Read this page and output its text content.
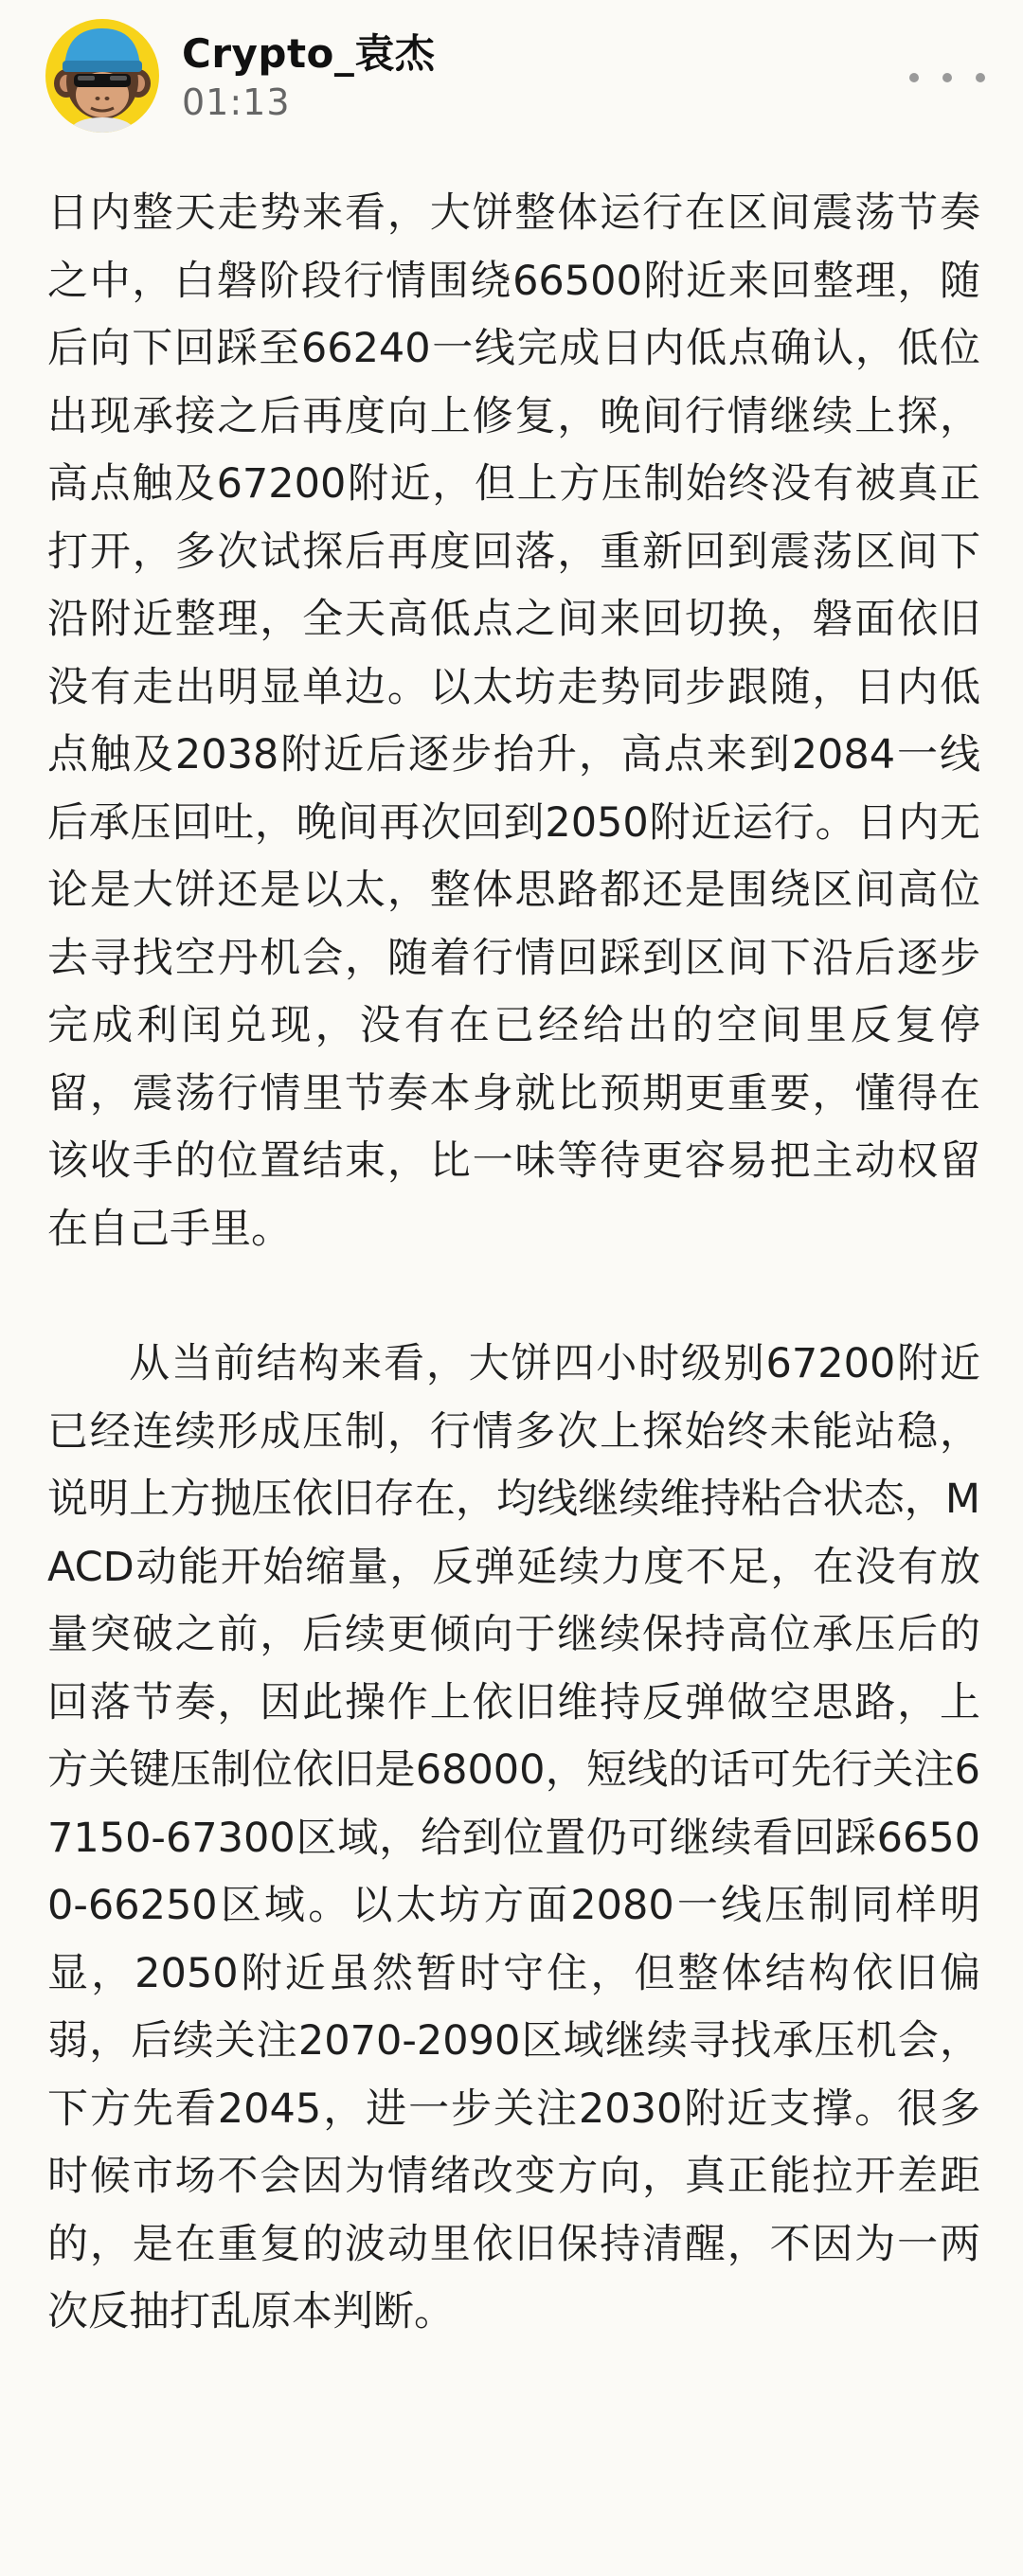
Crypto_袁杰
01:13

日内整天走势来看，大饼整体运行在区间震荡节奏之中，白磐阶段行情围绕66500附近来回整理，随后向下回踩至66240一线完成日内低点确认，低位出现承接之后再度向上修复，晚间行情继续上探，高点触及67200附近，但上方压制始终没有被真正打开，多次试探后再度回落，重新回到震荡区间下沿附近整理，全天高低点之间来回切换，磐面依旧没有走出明显单边。以太坊走势同步跟随，日内低点触及2038附近后逐步抬升，高点来到2084一线后承压回吐，晚间再次回到2050附近运行。日内无论是大饼还是以太，整体思路都还是围绕区间高位去寻找空丹机会，随着行情回踩到区间下沿后逐步完成利闰兑现，没有在已经给出的空间里反复停留，震荡行情里节奏本身就比预期更重要，懂得在该收手的位置结束，比一味等待更容易把主动权留在自己手里。

从当前结构来看，大饼四小时级别67200附近已经连续形成压制，行情多次上探始终未能站稳，说明上方抛压依旧存在，均线继续维持粘合状态，MACD动能开始缩量，反弹延续力度不足，在没有放量突破之前，后续更倾向于继续保持高位承压后的回落节奏，因此操作上依旧维持反弹做空思路，上方关键压制位依旧是68000，短线的话可先行关注67150-67300区域，给到位置仍可继续看回踩66500-66250区域。以太坊方面2080一线压制同样明显，2050附近虽然暂时守住，但整体结构依旧偏弱，后续关注2070-2090区域继续寻找承压机会，下方先看2045，进一步关注2030附近支撑。很多时候市场不会因为情绪改变方向，真正能拉开差距的，是在重复的波动里依旧保持清醒，不因为一两次反抽打乱原本判断。
